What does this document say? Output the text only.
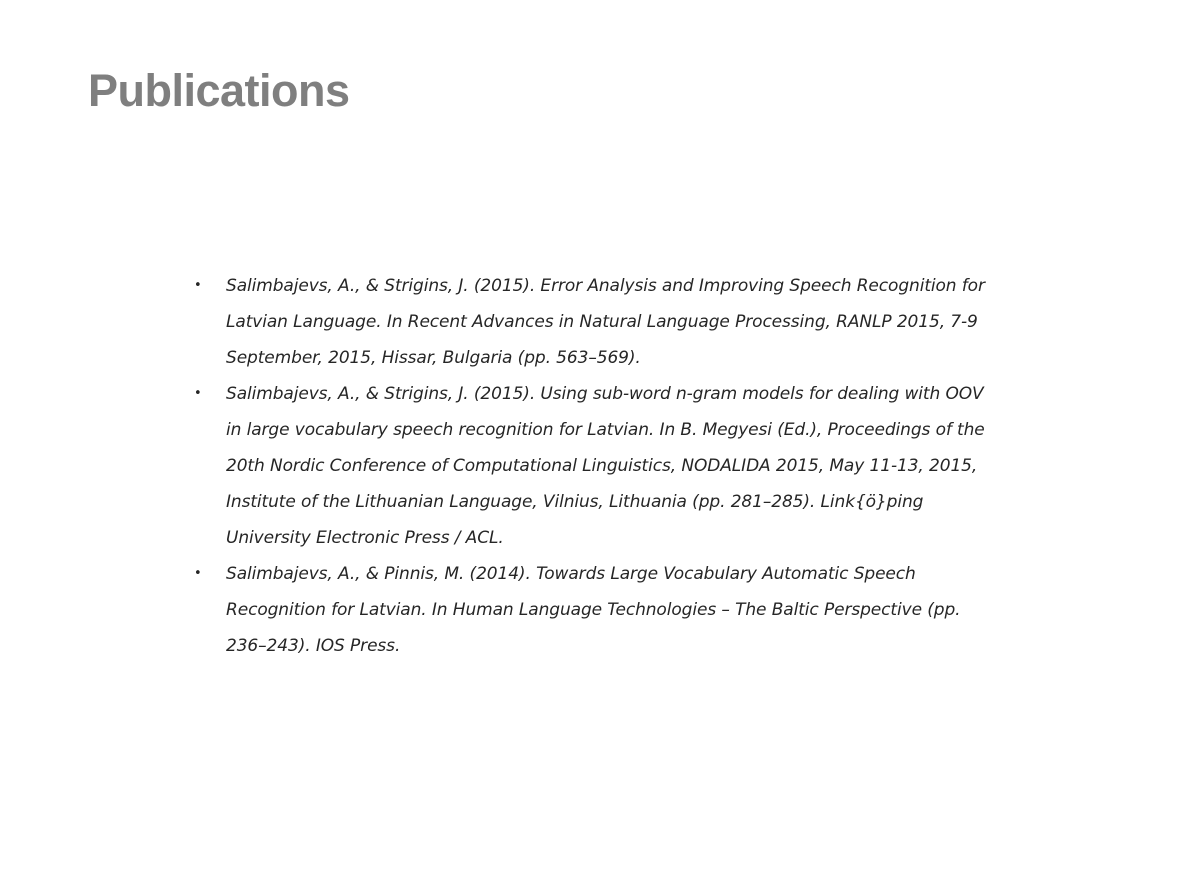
Publications
• Salimbajevs, A., & Strigins, J. (2015). Error Analysis and Improving Speech Recognition for Latvian Language. In Recent Advances in Natural Language Processing, RANLP 2015, 7-9 September, 2015, Hissar, Bulgaria (pp. 563–569).
• Salimbajevs, A., & Strigins, J. (2015). Using sub-word n-gram models for dealing with OOV in large vocabulary speech recognition for Latvian. In B. Megyesi (Ed.), Proceedings of the 20th Nordic Conference of Computational Linguistics, NODALIDA 2015, May 11-13, 2015, Institute of the Lithuanian Language, Vilnius, Lithuania (pp. 281–285). Link{ö}ping University Electronic Press / ACL.
• Salimbajevs, A., & Pinnis, M. (2014). Towards Large Vocabulary Automatic Speech Recognition for Latvian. In Human Language Technologies – The Baltic Perspective (pp. 236–243). IOS Press.
